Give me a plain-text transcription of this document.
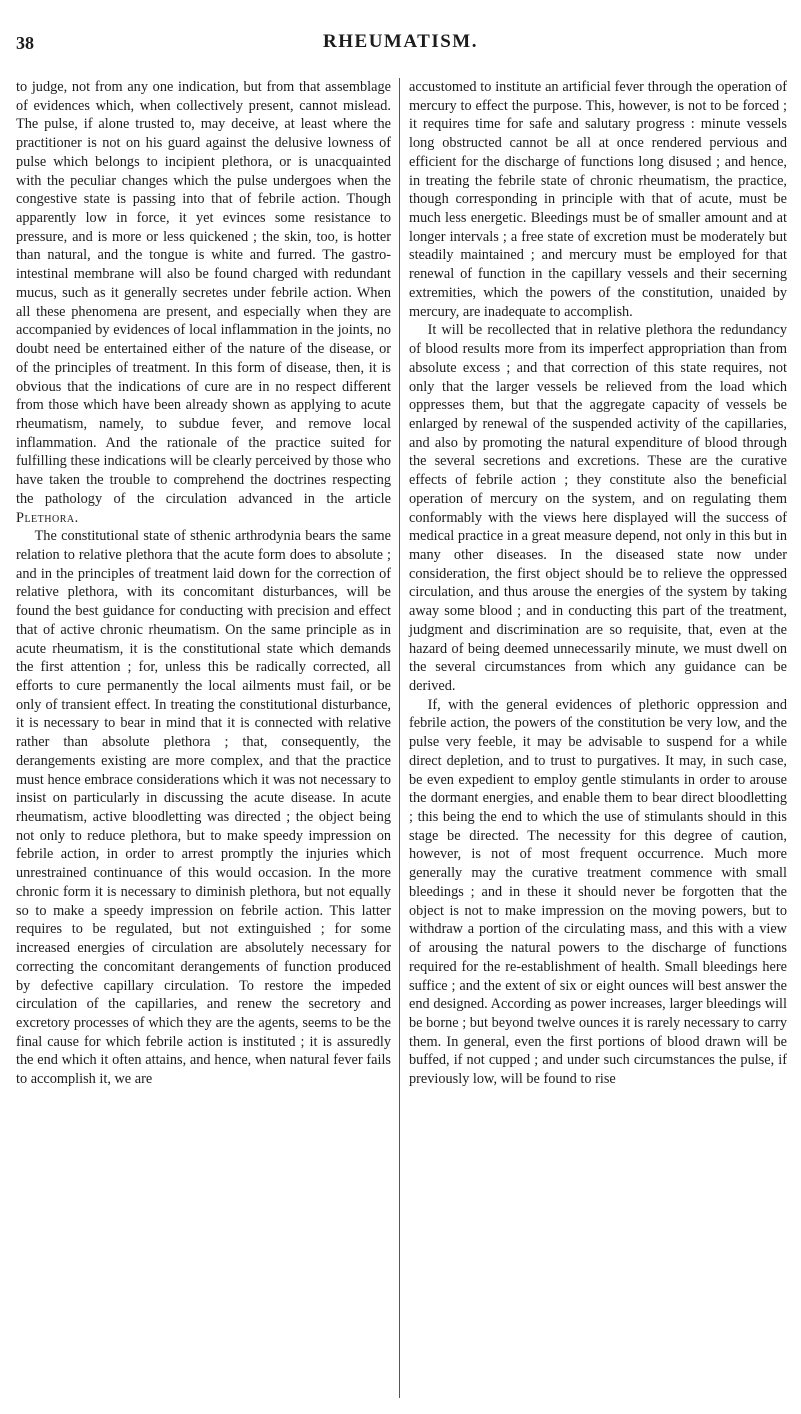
38	RHEUMATISM.

to judge, not from any one indication, but from that assemblage of evidences which, when collectively present, cannot mislead. The pulse, if alone trusted to, may deceive, at least where the practitioner is not on his guard against the delusive lowness of pulse which belongs to incipient plethora, or is unacquainted with the peculiar changes which the pulse undergoes when the congestive state is passing into that of febrile action. Though apparently low in force, it yet evinces some resistance to pressure, and is more or less quickened ; the skin, too, is hotter than natural, and the tongue is white and furred. The gastro-intestinal membrane will also be found charged with redundant mucus, such as it generally secretes under febrile action. When all these phenomena are present, and especially when they are accompanied by evidences of local inflammation in the joints, no doubt need be entertained either of the nature of the disease, or of the principles of treatment. In this form of disease, then, it is obvious that the indications of cure are in no respect different from those which have been already shown as applying to acute rheumatism, namely, to subdue fever, and remove local inflammation. And the rationale of the practice suited for fulfilling these indications will be clearly perceived by those who have taken the trouble to comprehend the doctrines respecting the pathology of the circulation advanced in the article Plethora.

The constitutional state of sthenic arthrodynia bears the same relation to relative plethora that the acute form does to absolute ; and in the principles of treatment laid down for the correction of relative plethora, with its concomitant disturbances, will be found the best guidance for conducting with precision and effect that of active chronic rheumatism. On the same principle as in acute rheumatism, it is the constitutional state which demands the first attention ; for, unless this be radically corrected, all efforts to cure permanently the local ailments must fail, or be only of transient effect. In treating the constitutional disturbance, it is necessary to bear in mind that it is connected with relative rather than absolute plethora ; that, consequently, the derangements existing are more complex, and that the practice must hence embrace considerations which it was not necessary to insist on particularly in discussing the acute disease. In acute rheumatism, active bloodletting was directed ; the object being not only to reduce plethora, but to make speedy impression on febrile action, in order to arrest promptly the injuries which unrestrained continuance of this would occasion. In the more chronic form it is necessary to diminish plethora, but not equally so to make a speedy impression on febrile action. This latter requires to be regulated, but not extinguished ; for some increased energies of circulation are absolutely necessary for correcting the concomitant derangements of function produced by defective capillary circulation. To restore the impeded circulation of the capillaries, and renew the secretory and excretory processes of which they are the agents, seems to be the final cause for which febrile action is instituted ; it is assuredly the end which it often attains, and hence, when natural fever fails to accomplish it, we are

accustomed to institute an artificial fever through the operation of mercury to effect the purpose. This, however, is not to be forced ; it requires time for safe and salutary progress : minute vessels long obstructed cannot be all at once rendered pervious and efficient for the discharge of functions long disused ; and hence, in treating the febrile state of chronic rheumatism, the practice, though corresponding in principle with that of acute, must be much less energetic. Bleedings must be of smaller amount and at longer intervals ; a free state of excretion must be moderately but steadily maintained ; and mercury must be employed for that renewal of function in the capillary vessels and their secerning extremities, which the powers of the constitution, unaided by mercury, are inadequate to accomplish.

It will be recollected that in relative plethora the redundancy of blood results more from its imperfect appropriation than from absolute excess ; and that correction of this state requires, not only that the larger vessels be relieved from the load which oppresses them, but that the aggregate capacity of vessels be enlarged by renewal of the suspended activity of the capillaries, and also by promoting the natural expenditure of blood through the several secretions and excretions. These are the curative effects of febrile action ; they constitute also the beneficial operation of mercury on the system, and on regulating them conformably with the views here displayed will the success of medical practice in a great measure depend, not only in this but in many other diseases. In the diseased state now under consideration, the first object should be to relieve the oppressed circulation, and thus arouse the energies of the system by taking away some blood ; and in conducting this part of the treatment, judgment and discrimination are so requisite, that, even at the hazard of being deemed unnecessarily minute, we must dwell on the several circumstances from which any guidance can be derived.

If, with the general evidences of plethoric oppression and febrile action, the powers of the constitution be very low, and the pulse very feeble, it may be advisable to suspend for a while direct depletion, and to trust to purgatives. It may, in such case, be even expedient to employ gentle stimulants in order to arouse the dormant energies, and enable them to bear direct bloodletting ; this being the end to which the use of stimulants should in this stage be directed. The necessity for this degree of caution, however, is not of most frequent occurrence. Much more generally may the curative treatment commence with small bleedings ; and in these it should never be forgotten that the object is not to make impression on the moving powers, but to withdraw a portion of the circulating mass, and this with a view of arousing the natural powers to the discharge of functions required for the re-establishment of health. Small bleedings here suffice ; and the extent of six or eight ounces will best answer the end designed. According as power increases, larger bleedings will be borne ; but beyond twelve ounces it is rarely necessary to carry them. In general, even the first portions of blood drawn will be buffed, if not cupped ; and under such circumstances the pulse, if previously low, will be found to rise
